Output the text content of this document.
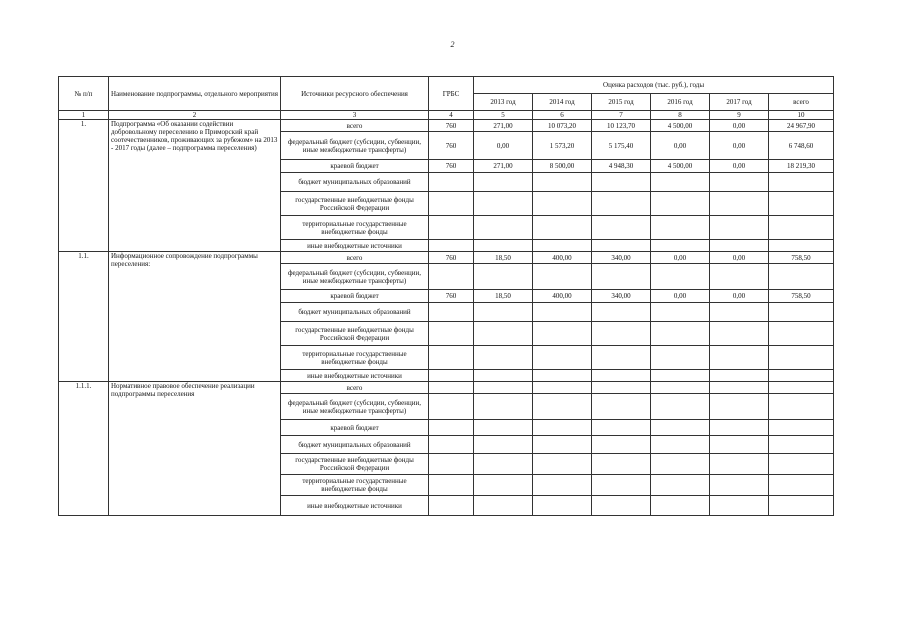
2
№ п/п	Наименование подпрограммы, отдельного мероприятия	Источники ресурсного обеспечения	ГРБС	Оценка расходов (тыс. руб.), годы					
				2013 год	2014 год	2015 год	2016 год	2017 год	всего
1	2	3	4	5	6	7	8	9	10
1.	Подпрограмма «Об оказании содействии добровольному переселению в Приморский край соотечественников, проживающих за рубежом» на 2013 - 2017 годы (далее – подпрограмма переселения)	всего	760	271,00	10 073,20	10 123,70	4 500,00	0,00	24 967,90
		федеральный бюджет (субсидии, субвенции, иные межбюджетные трансферты)	760	0,00	1 573,20	5 175,40	0,00	0,00	6 748,60
		краевой бюджет	760	271,00	8 500,00	4 948,30	4 500,00	0,00	18 219,30
		бюджет муниципальных образований							
		государственные внебюджетные фонды Российской Федерации							
		территориальные государственные внебюджетные фонды							
		иные внебюджетные источники							
1.1.	Информационное сопровождение подпрограммы переселения:	всего	760	18,50	400,00	340,00	0,00	0,00	758,50
		федеральный бюджет (субсидии, субвенции, иные межбюджетные трансферты)							
		краевой бюджет	760	18,50	400,00	340,00	0,00	0,00	758,50
		бюджет муниципальных образований							
		государственные внебюджетные фонды Российской Федерации							
		территориальные государственные внебюджетные фонды							
		иные внебюджетные источники							
1.1.1.	Нормативное правовое обеспечение реализации подпрограммы переселения	всего							
		федеральный бюджет (субсидии, субвенции, иные межбюджетные трансферты)							
		краевой бюджет							
		бюджет муниципальных образований							
		государственные внебюджетные фонды Российской Федерации							
		территориальные государственные внебюджетные фонды							
		иные внебюджетные источники							
